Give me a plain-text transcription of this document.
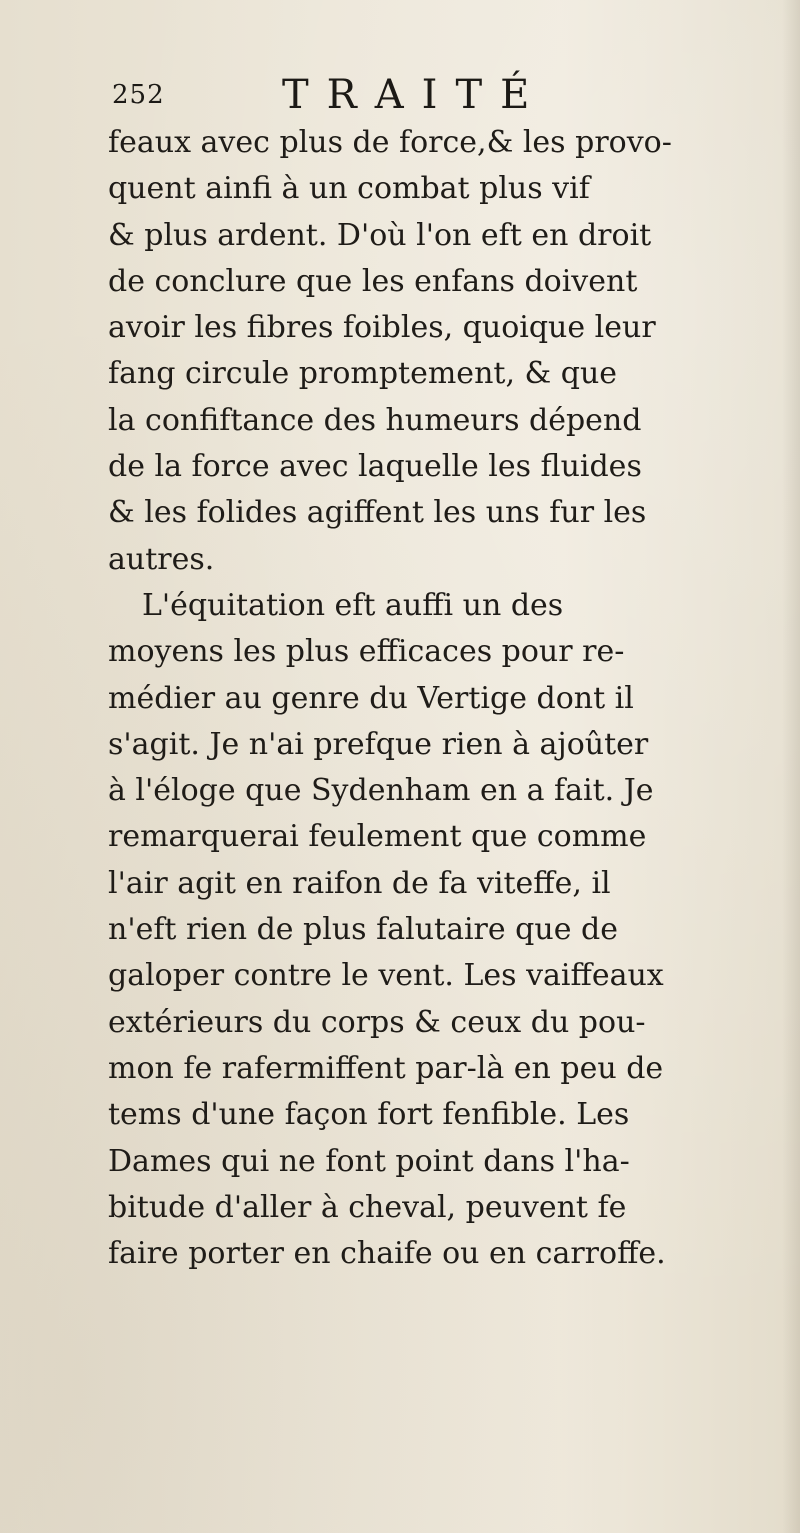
252	TRAITÉ
feaux avec plus de force,& les provo-
quent ainfi à un combat plus vif
& plus ardent. D'où l'on eft en droit
de conclure que les enfans doivent
avoir les fibres foibles, quoique leur
fang circule promptement, & que
la confiftance des humeurs dépend
de la force avec laquelle les fluides
& les folides agiffent les uns fur les
autres.
L'équitation eft auffi un des
moyens les plus efficaces pour re-
médier au genre du Vertige dont il
s'agit. Je n'ai prefque rien à ajoûter
à l'éloge que Sydenham en a fait. Je
remarquerai feulement que comme
l'air agit en raifon de fa viteffe, il
n'eft rien de plus falutaire que de
galoper contre le vent. Les vaiffeaux
extérieurs du corps & ceux du pou-
mon fe rafermiffent par-là en peu de
tems d'une façon fort fenfible. Les
Dames qui ne font point dans l'ha-
bitude d'aller à cheval, peuvent fe
faire porter en chaife ou en carroffe.
